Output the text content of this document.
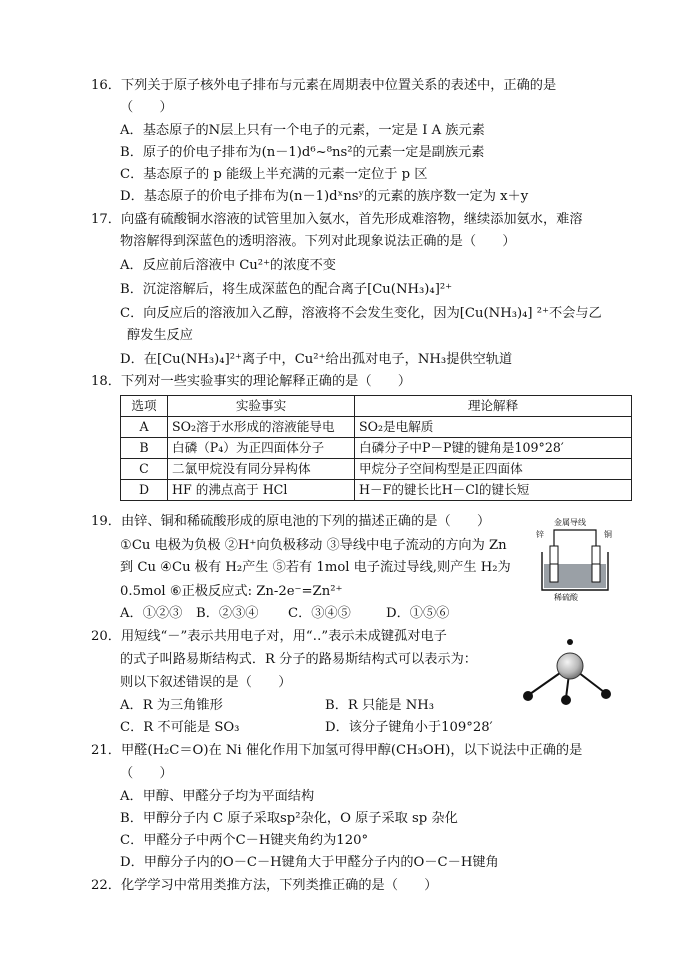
16．下列关于原子核外电子排布与元素在周期表中位置关系的表述中，正确的是
（　　）
A．基态原子的N层上只有一个电子的元素，一定是 I A 族元素
B．原子的价电子排布为(n－1)d⁶~⁸ns²的元素一定是副族元素
C．基态原子的 p 能级上半充满的元素一定位于 p 区
D．基态原子的价电子排布为(n－1)dˣnsʸ的元素的族序数一定为 x＋y
17．向盛有硫酸铜水溶液的试管里加入氨水，首先形成难溶物，继续添加氨水，难溶
物溶解得到深蓝色的透明溶液。下列对此现象说法正确的是（　　）
A．反应前后溶液中 Cu²⁺的浓度不变
B．沉淀溶解后，将生成深蓝色的配合离子[Cu(NH₃)₄]²⁺
C．向反应后的溶液加入乙醇，溶液将不会发生变化，因为[Cu(NH₃)₄] ²⁺不会与乙
醇发生反应
D．在[Cu(NH₃)₄]²⁺离子中，Cu²⁺给出孤对电子，NH₃提供空轨道
18．下列对一些实验事实的理论解释正确的是（　　）
选项	实验事实	理论解释
A	SO₂溶于水形成的溶液能导电	SO₂是电解质
B	白磷（P₄）为正四面体分子	白磷分子中P－P键的键角是109°28′
C	二氯甲烷没有同分异构体	甲烷分子空间构型是正四面体
D	HF 的沸点高于 HCl	H－F的键长比H－Cl的键长短
19．由锌、铜和稀硫酸形成的原电池的下列的描述正确的是（　　）
①Cu 电极为负极 ②H⁺向负极移动 ③导线中电子流动的方向为 Zn
到 Cu ④Cu 极有 H₂产生 ⑤若有 1mol 电子流过导线,则产生 H₂为
0.5mol ⑥正极反应式: Zn-2e⁻=Zn²⁺
A．①②③ B．②③④ C．③④⑤	D．①⑤⑥
金属导线
锌	铜
稀硫酸
20．用短线“－”表示共用电子对，用“‥”表示未成键孤对电子
的式子叫路易斯结构式．R 分子的路易斯结构式可以表示为：
则以下叙述错误的是（　　）
A．R 为三角锥形	B．R 只能是 NH₃
C．R 不可能是 SO₃	D．该分子键角小于109°28′
21．甲醛(H₂C＝O)在 Ni 催化作用下加氢可得甲醇(CH₃OH)，以下说法中正确的是
（　　）
A．甲醇、甲醛分子均为平面结构
B．甲醇分子内 C 原子采取sp²杂化，O 原子采取 sp 杂化
C．甲醛分子中两个C－H键夹角约为120°
D．甲醇分子内的O－C－H键角大于甲醛分子内的O－C－H键角
22．化学学习中常用类推方法，下列类推正确的是（　　）
